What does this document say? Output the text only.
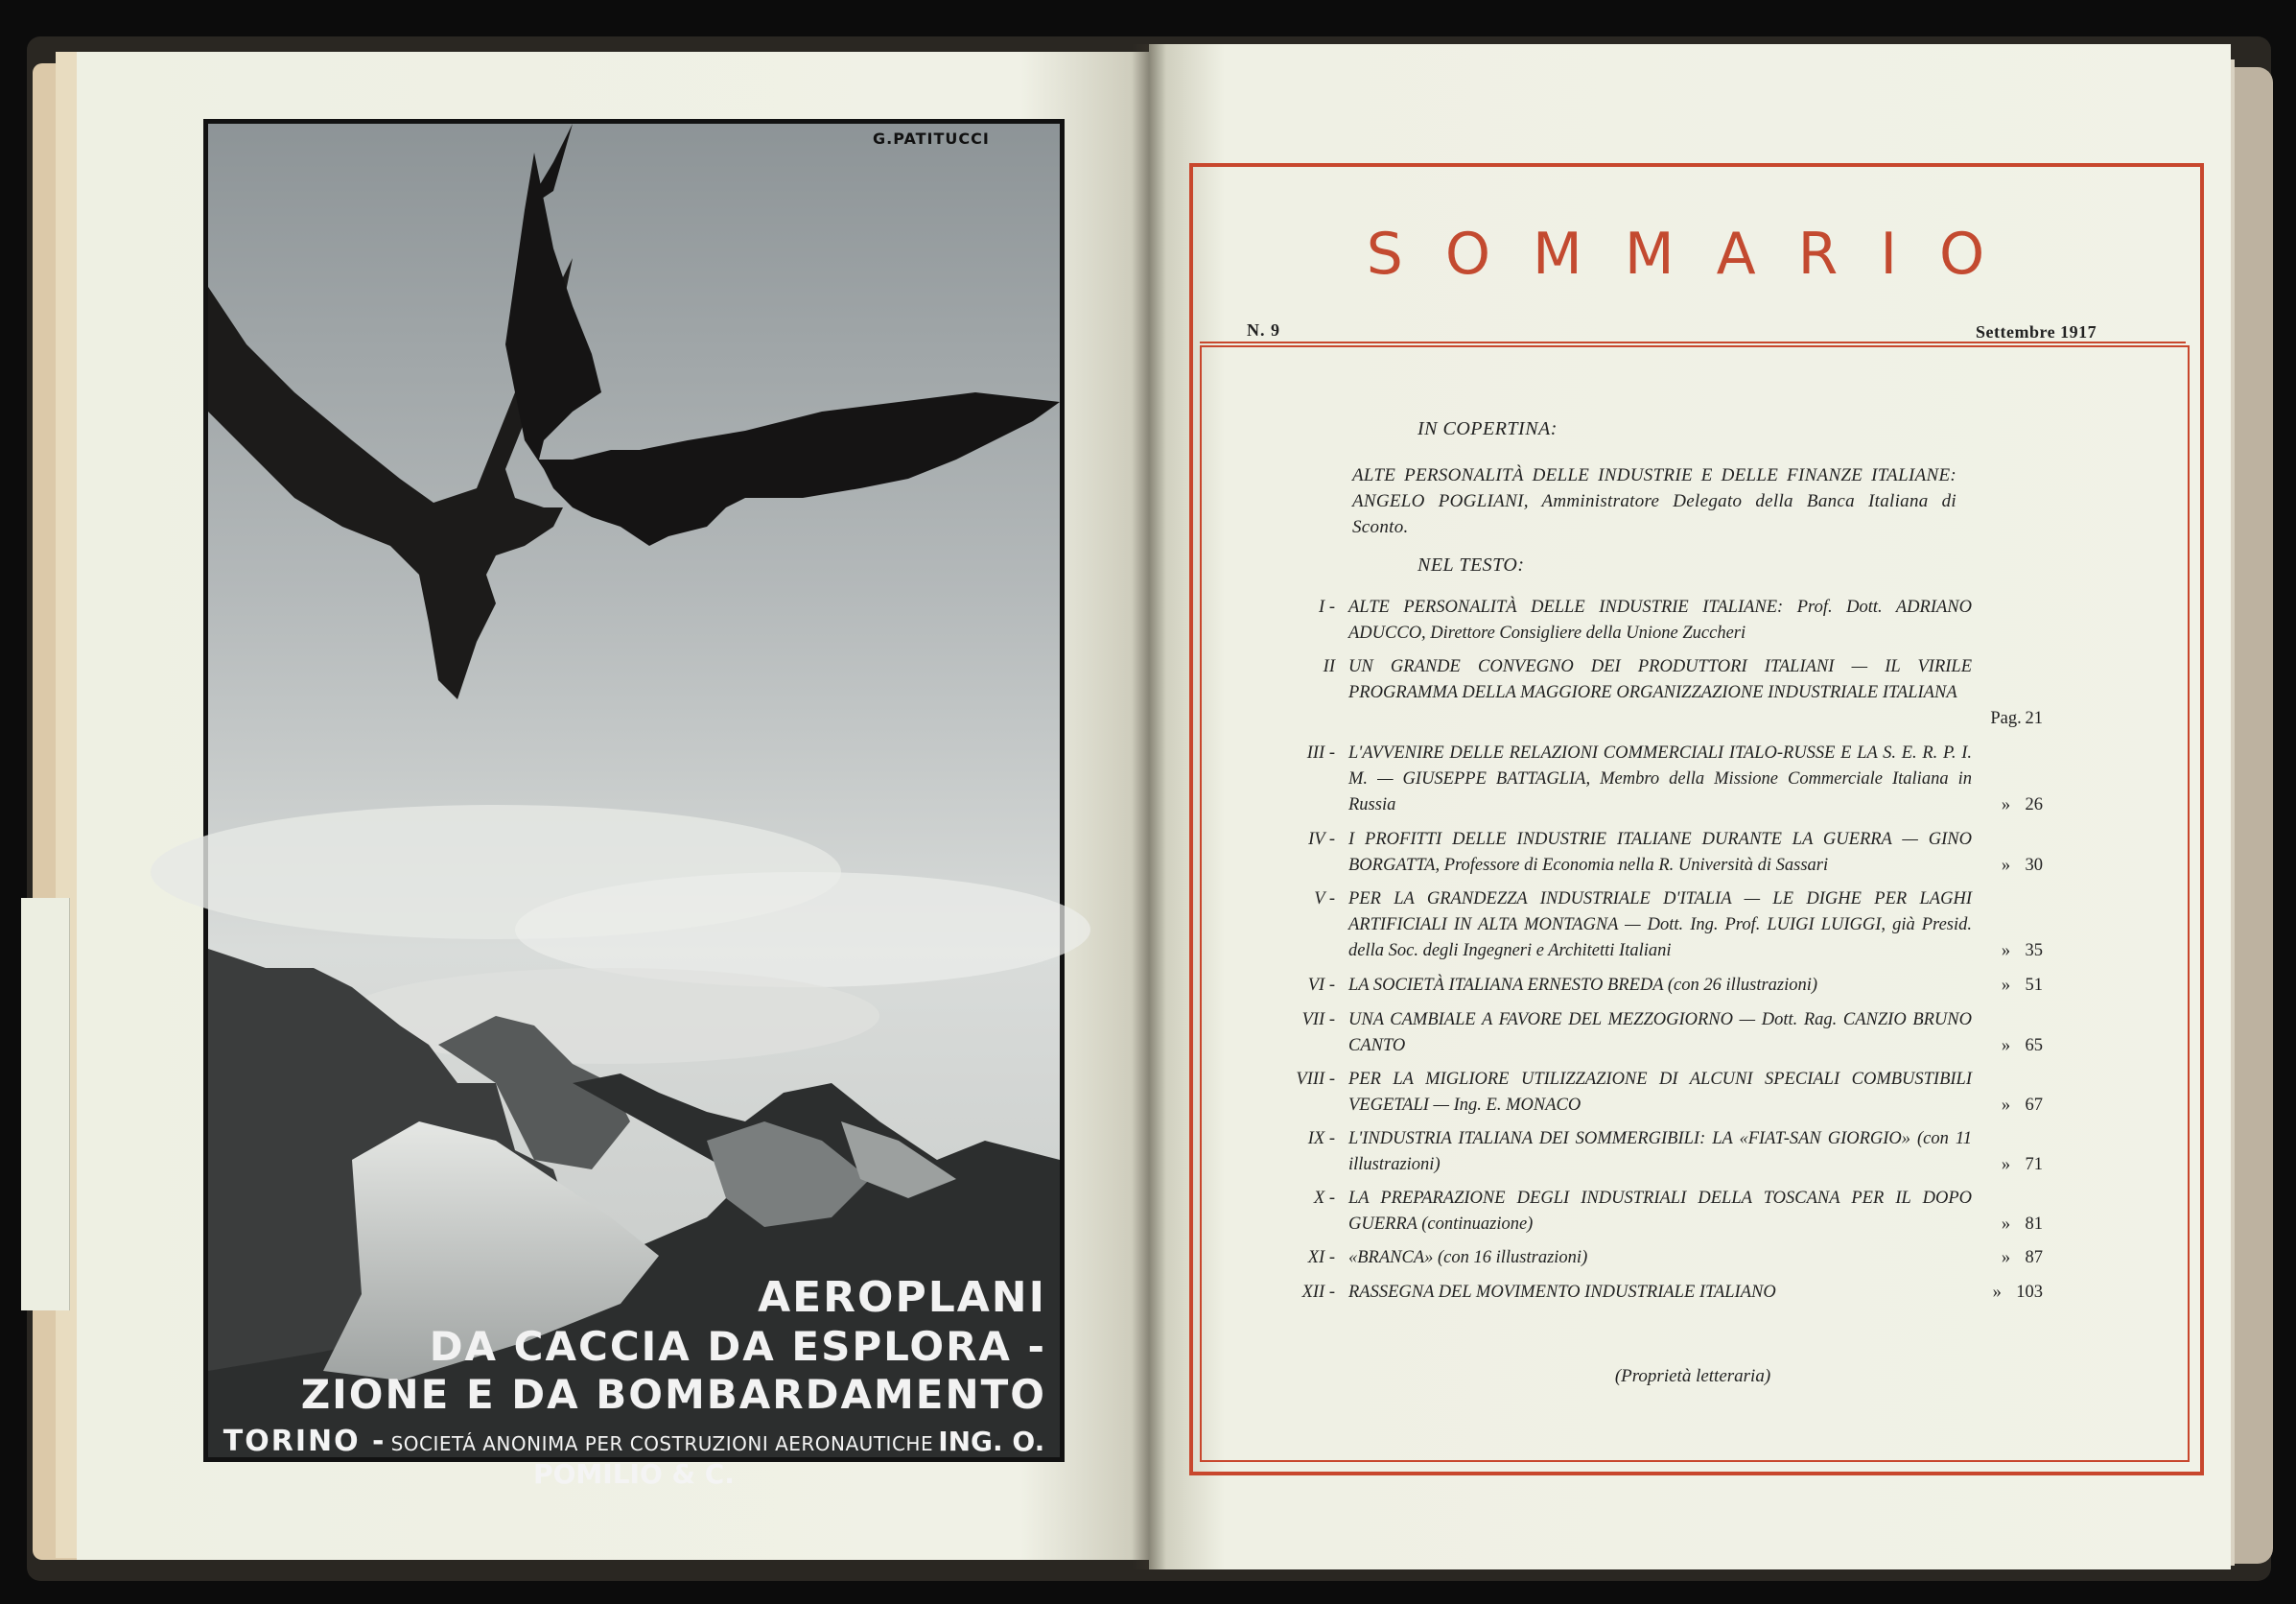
G.PATITUCCI
AEROPLANI
DA CACCIA DA ESPLORA -
ZIONE E DA BOMBARDAMENTO
TORINO - SOCIETÁ ANONIMA PER COSTRUZIONI AERONAUTICHE ING. O. POMILIO & C.
SOMMARIO
N. 9	Settembre 1917
IN COPERTINA:
ALTE PERSONALITÀ DELLE INDUSTRIE E DELLE FINANZE ITALIANE: ANGELO POGLIANI, Amministratore Delegato della Banca Italiana di Sconto.
NEL TESTO:
I - ALTE PERSONALITÀ DELLE INDUSTRIE ITALIANE: Prof. Dott. ADRIANO ADUCCO, Direttore Consigliere della Unione Zuccheri
II UN GRANDE CONVEGNO DEI PRODUTTORI ITALIANI — IL VIRILE PROGRAMMA DELLA MAGGIORE ORGANIZZAZIONE INDUSTRIALE ITALIANA
Pag. 21
III - L'AVVENIRE DELLE RELAZIONI COMMERCIALI ITALO-RUSSE E LA S. E. R. P. I. M. — GIUSEPPE BATTAGLIA, Membro della Missione Commerciale Italiana in Russia	» 26
IV - I PROFITTI DELLE INDUSTRIE ITALIANE DURANTE LA GUERRA — GINO BORGATTA, Professore di Economia nella R. Università di Sassari	» 30
V - PER LA GRANDEZZA INDUSTRIALE D'ITALIA — LE DIGHE PER LAGHI ARTIFICIALI IN ALTA MONTAGNA — Dott. Ing. Prof. LUIGI LUIGGI, già Presid. della Soc. degli Ingegneri e Architetti Italiani	» 35
VI - LA SOCIETÀ ITALIANA ERNESTO BREDA (con 26 illustrazioni)	» 51
VII - UNA CAMBIALE A FAVORE DEL MEZZOGIORNO — Dott. Rag. CANZIO BRUNO CANTO	» 65
VIII - PER LA MIGLIORE UTILIZZAZIONE DI ALCUNI SPECIALI COMBUSTIBILI VEGETALI — Ing. E. MONACO	» 67
IX - L'INDUSTRIA ITALIANA DEI SOMMERGIBILI: LA «FIAT-SAN GIORGIO» (con 11 illustrazioni)	» 71
X - LA PREPARAZIONE DEGLI INDUSTRIALI DELLA TOSCANA PER IL DOPO GUERRA (continuazione)	» 81
XI - «BRANCA» (con 16 illustrazioni)	» 87
XII - RASSEGNA DEL MOVIMENTO INDUSTRIALE ITALIANO	» 103
(Proprietà letteraria)
